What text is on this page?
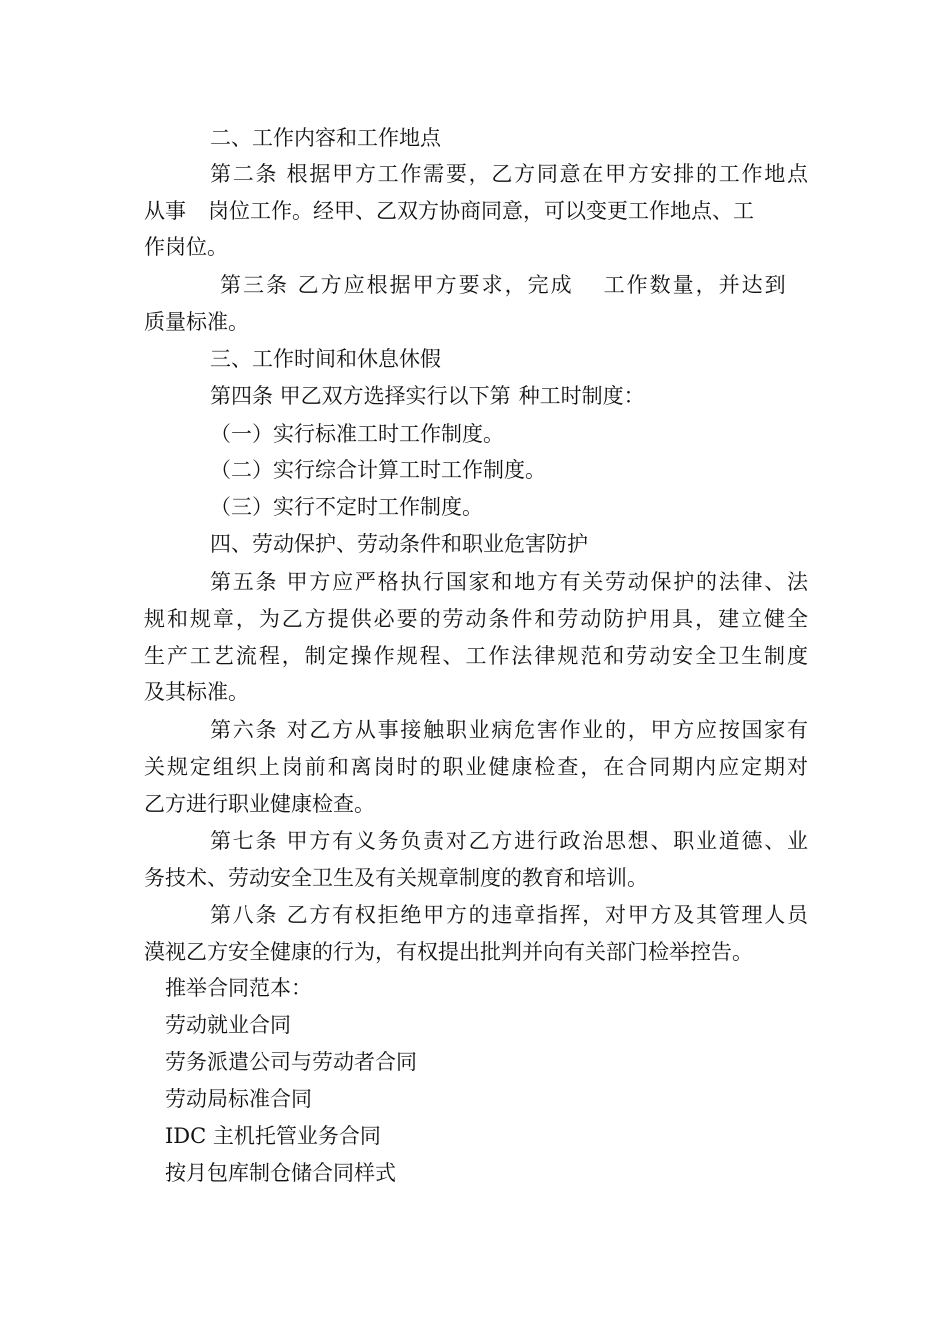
二、工作内容和工作地点
第二条 根据甲方工作需要，乙方同意在甲方安排的工作地点
从事 岗位工作。经甲、乙双方协商同意，可以变更工作地点、工
作岗位。
第三条 乙方应根据甲方要求，完成 工作数量，并达到
质量标准。
三、工作时间和休息休假
第四条 甲乙双方选择实行以下第 种工时制度：
（一）实行标准工时工作制度。
（二）实行综合计算工时工作制度。
（三）实行不定时工作制度。
四、劳动保护、劳动条件和职业危害防护
第五条 甲方应严格执行国家和地方有关劳动保护的法律、法
规和规章，为乙方提供必要的劳动条件和劳动防护用具，建立健全
生产工艺流程，制定操作规程、工作法律规范和劳动安全卫生制度
及其标准。
第六条 对乙方从事接触职业病危害作业的，甲方应按国家有
关规定组织上岗前和离岗时的职业健康检查，在合同期内应定期对
乙方进行职业健康检查。
第七条 甲方有义务负责对乙方进行政治思想、职业道德、业
务技术、劳动安全卫生及有关规章制度的教育和培训。
第八条 乙方有权拒绝甲方的违章指挥，对甲方及其管理人员
漠视乙方安全健康的行为，有权提出批判并向有关部门检举控告。
推举合同范本：
劳动就业合同
劳务派遣公司与劳动者合同
劳动局标准合同
IDC 主机托管业务合同
按月包库制仓储合同样式
